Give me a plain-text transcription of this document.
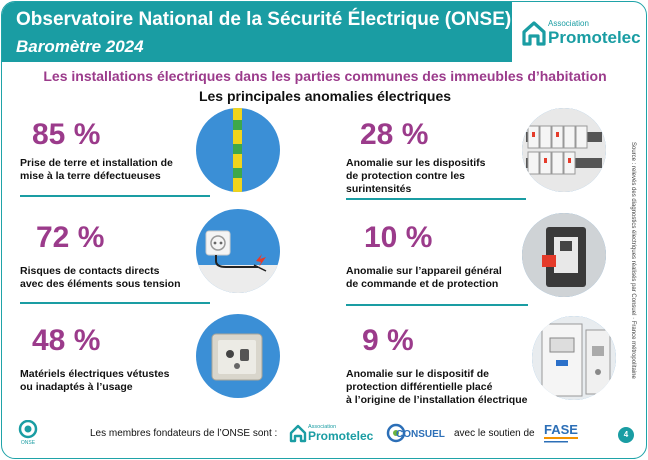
Observatoire National de la Sécurité Électrique (ONSE)
Baromètre 2024
Association
Promotelec
Les installations électriques dans les parties communes des immeubles d’habitation
Les principales anomalies électriques
85 %
Prise de terre et installation de
mise à la terre défectueuses
72 %
Risques de contacts directs
avec des éléments sous tension
48 %
Matériels électriques vétustes
ou inadaptés à l’usage
28 %
Anomalie sur les dispositifs
de protection contre les
surintensités
10 %
Anomalie sur l’appareil général
de commande et de protection
9 %
Anomalie sur le dispositif de
protection différentielle placé
à l’origine de l’installation électrique
Source : relevés des diagnostics électriques réalisés par Consuel · France métropolitaine
ONSE
Les membres fondateurs de l’ONSE sont :
Association
Promotelec CONSUEL avec le soutien de FASE	4
